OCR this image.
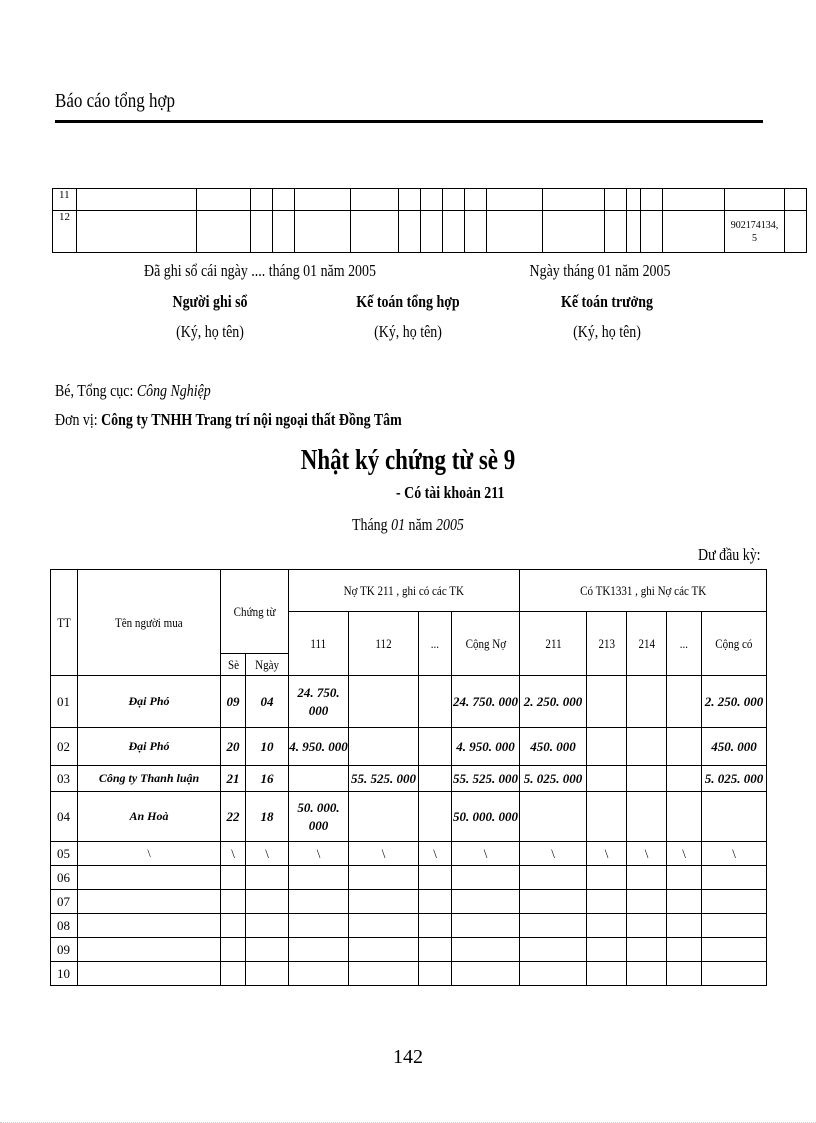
Báo cáo tổng hợp
11																		
12																	902174134,
5	
Đã ghi sổ cái ngày .... tháng 01 năm 2005	Ngày tháng 01 năm 2005
Người ghi sổ	Kế toán tổng hợp	Kế toán trưởng
(Ký, họ tên)	(Ký, họ tên)	(Ký, họ tên)
Bé, Tổng cục: Công Nghiệp
Đơn vị: Công ty TNHH Trang trí nội ngoại thất Đồng Tâm
Nhật ký chứng từ sè 9
- Có tài khoản 211
Tháng 01 năm 2005
Dư đầu kỳ:
TT	Tên người mua	Chứng từ		Nợ TK 211 , ghi có các TK				Có TK1331 , ghi Nợ các TK				
				111	112	...	Cộng Nợ	211	213	214	...	Cộng có
		Sè	Ngày									
01	Đại Phó	09	04	24. 750.
000			24. 750. 000	2. 250. 000				2. 250. 000
02	Đại Phó	20	10	4. 950. 000			4. 950. 000	450. 000				450. 000
03	Công ty Thanh luận	21	16		55. 525. 000		55. 525. 000	5. 025. 000				5. 025. 000
04	An Hoà	22	18	50. 000.
000			50. 000. 000					
05	\	\	\	\	\	\	\	\	\	\	\	\
06												
07												
08												
09												
10												
142
